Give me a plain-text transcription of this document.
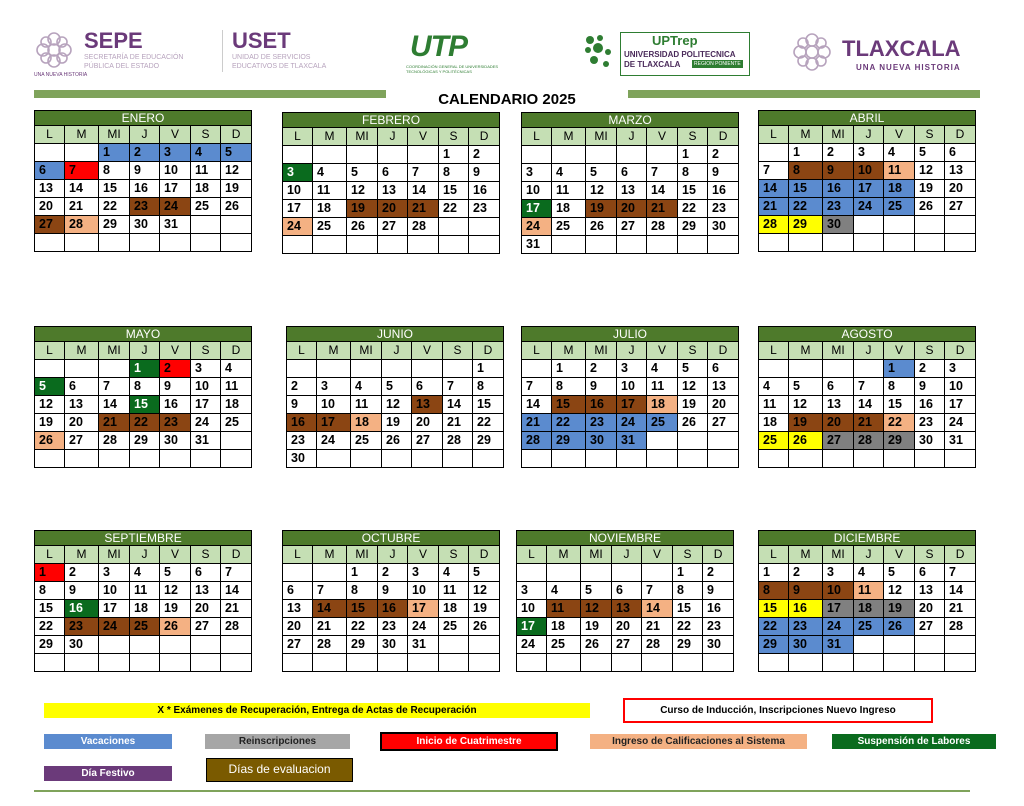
UNA NUEVA HISTORIA
SEPE
SECRETARÍA DE EDUCACIÓN
PÚBLICA DEL ESTADO
USET
UNIDAD DE SERVICIOS
EDUCATIVOS DE TLAXCALA
UTP
COORDINACIÓN GENERAL DE UNIVERSIDADES
TECNOLÓGICAS Y POLITÉCNICAS
UPTrep
UNIVERSIDAD POLITECNICA
DE TLAXCALA	REGION PONIENTE
TLAXCALA
UNA NUEVA HISTORIA
CALENDARIO 2025
ENERO						
L	M	MI	J	V	S	D
		1	2	3	4	5
6	7	8	9	10	11	12
13	14	15	16	17	18	19
20	21	22	23	24	25	26
27	28	29	30	31		

FEBRERO						
L	M	MI	J	V	S	D
					1	2
3	4	5	6	7	8	9
10	11	12	13	14	15	16
17	18	19	20	21	22	23
24	25	26	27	28		

MARZO						
L	M	MI	J	V	S	D
					1	2
3	4	5	6	7	8	9
10	11	12	13	14	15	16
17	18	19	20	21	22	23
24	25	26	27	28	29	30
31						
ABRIL						
L	M	MI	J	V	S	D
	1	2	3	4	5	6
7	8	9	10	11	12	13
14	15	16	17	18	19	20
21	22	23	24	25	26	27
28	29	30				

MAYO						
L	M	MI	J	V	S	D
			1	2	3	4
5	6	7	8	9	10	11
12	13	14	15	16	17	18
19	20	21	22	23	24	25
26	27	28	29	30	31	

JUNIO						
L	M	MI	J	V	S	D
						1
2	3	4	5	6	7	8
9	10	11	12	13	14	15
16	17	18	19	20	21	22
23	24	25	26	27	28	29
30						
JULIO						
L	M	MI	J	V	S	D
	1	2	3	4	5	6
7	8	9	10	11	12	13
14	15	16	17	18	19	20
21	22	23	24	25	26	27
28	29	30	31			

AGOSTO						
L	M	MI	J	V	S	D
				1	2	3
4	5	6	7	8	9	10
11	12	13	14	15	16	17
18	19	20	21	22	23	24
25	26	27	28	29	30	31

SEPTIEMBRE						
L	M	MI	J	V	S	D
1	2	3	4	5	6	7
8	9	10	11	12	13	14
15	16	17	18	19	20	21
22	23	24	25	26	27	28
29	30					

OCTUBRE						
L	M	MI	J	V	S	D
		1	2	3	4	5
6	7	8	9	10	11	12
13	14	15	16	17	18	19
20	21	22	23	24	25	26
27	28	29	30	31		

NOVIEMBRE						
L	M	MI	J	V	S	D
					1	2
3	4	5	6	7	8	9
10	11	12	13	14	15	16
17	18	19	20	21	22	23
24	25	26	27	28	29	30

DICIEMBRE						
L	M	MI	J	V	S	D
1	2	3	4	5	6	7
8	9	10	11	12	13	14
15	16	17	18	19	20	21
22	23	24	25	26	27	28
29	30	31				

X * Exámenes de Recuperación, Entrega de Actas de Recuperación	Curso de Inducción, Inscripciones Nuevo Ingreso
Vacaciones	Reinscripciones	Inicio de Cuatrimestre	Ingreso de Calificaciones al Sistema	Suspensión de Labores
Día Festivo	Días de evaluacion
